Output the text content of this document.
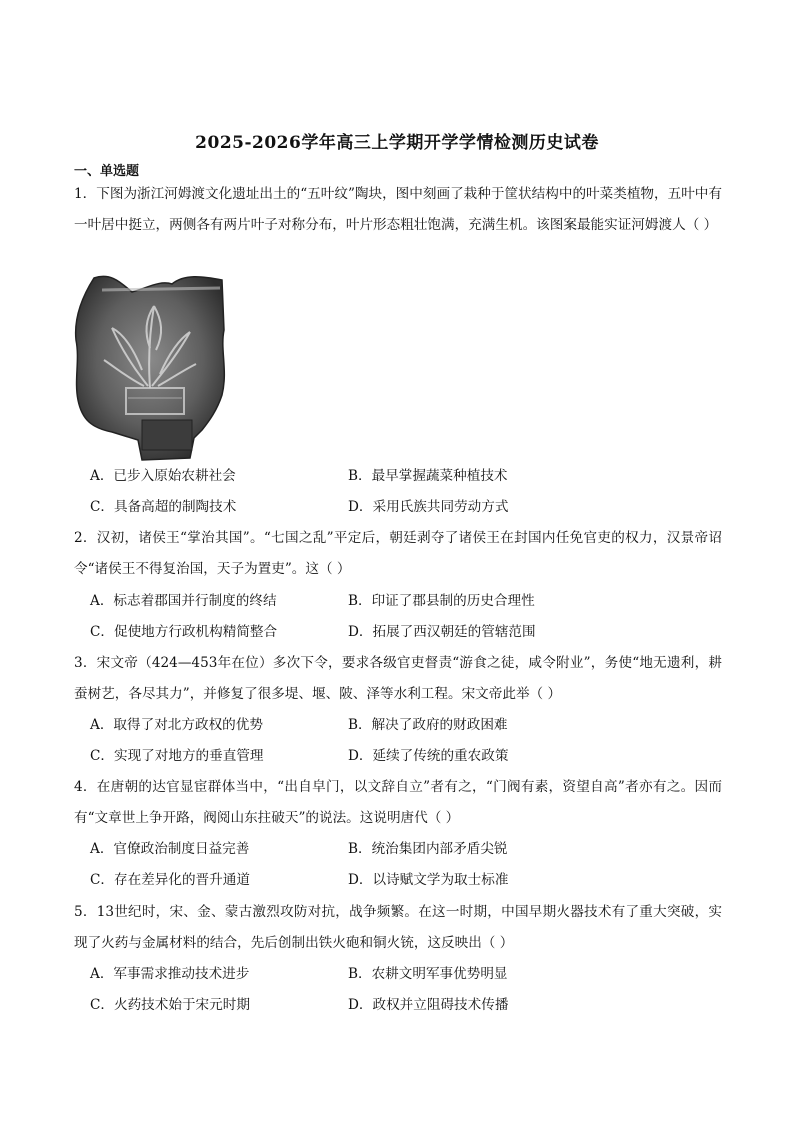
2025-2026学年高三上学期开学学情检测历史试卷
一、单选题
1．下图为浙江河姆渡文化遗址出土的“五叶纹”陶块，图中刻画了栽种于筐状结构中的叶菜类植物，五叶中有一叶居中挺立，两侧各有两片叶子对称分布，叶片形态粗壮饱满，充满生机。该图案最能实证河姆渡人（ ）
A．已步入原始农耕社会	B．最早掌握蔬菜种植技术
C．具备高超的制陶技术	D．采用氏族共同劳动方式
2．汉初，诸侯王“掌治其国”。“七国之乱”平定后，朝廷剥夺了诸侯王在封国内任免官吏的权力，汉景帝诏令“诸侯王不得复治国，天子为置吏”。这（ ）
A．标志着郡国并行制度的终结	B．印证了郡县制的历史合理性
C．促使地方行政机构精简整合	D．拓展了西汉朝廷的管辖范围
3．宋文帝（424—453年在位）多次下令，要求各级官吏督责“游食之徒，咸令附业”，务使“地无遗利，耕蚕树艺，各尽其力”，并修复了很多堤、堰、陂、泽等水利工程。宋文帝此举（ ）
A．取得了对北方政权的优势	B．解决了政府的财政困难
C．实现了对地方的垂直管理	D．延续了传统的重农政策
4．在唐朝的达官显宦群体当中，“出自皁门，以文辞自立”者有之，“门阀有素，资望自高”者亦有之。因而有“文章世上争开路，阀阅山东拄破天”的说法。这说明唐代（ ）
A．官僚政治制度日益完善	B．统治集团内部矛盾尖锐
C．存在差异化的晋升通道	D．以诗赋文学为取士标准
5．13世纪时，宋、金、蒙古激烈攻防对抗，战争频繁。在这一时期，中国早期火器技术有了重大突破，实现了火药与金属材料的结合，先后创制出铁火砲和铜火铳，这反映出（ ）
A．军事需求推动技术进步	B．农耕文明军事优势明显
C．火药技术始于宋元时期	D．政权并立阻碍技术传播
